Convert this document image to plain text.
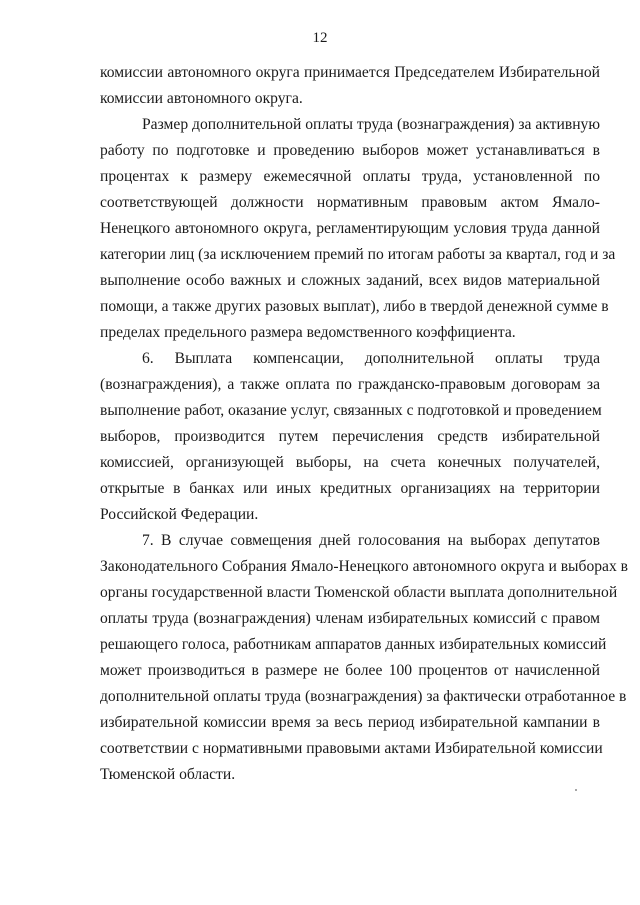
12
комиссии автономного округа принимается Председателем Избирательной
комиссии автономного округа.
Размер дополнительной оплаты труда (вознаграждения) за активную
работу по подготовке и проведению выборов может устанавливаться в
процентах к размеру ежемесячной оплаты труда, установленной по
соответствующей должности нормативным правовым актом Ямало-
Ненецкого автономного округа, регламентирующим условия труда данной
категории лиц (за исключением премий по итогам работы за квартал, год и за
выполнение особо важных и сложных заданий, всех видов материальной
помощи, а также других разовых выплат), либо в твердой денежной сумме в
пределах предельного размера ведомственного коэффициента.
6. Выплата компенсации, дополнительной оплаты труда
(вознаграждения), а также оплата по гражданско-правовым договорам за
выполнение работ, оказание услуг, связанных с подготовкой и проведением
выборов, производится путем перечисления средств избирательной
комиссией, организующей выборы, на счета конечных получателей,
открытые в банках или иных кредитных организациях на территории
Российской Федерации.
7. В случае совмещения дней голосования на выборах депутатов
Законодательного Собрания Ямало-Ненецкого автономного округа и выборах в
органы государственной власти Тюменской области выплата дополнительной
оплаты труда (вознаграждения) членам избирательных комиссий с правом
решающего голоса, работникам аппаратов данных избирательных комиссий
может производиться в размере не более 100 процентов от начисленной
дополнительной оплаты труда (вознаграждения) за фактически отработанное в
избирательной комиссии время за весь период избирательной кампании в
соответствии с нормативными правовыми актами Избирательной комиссии
Тюменской области.
